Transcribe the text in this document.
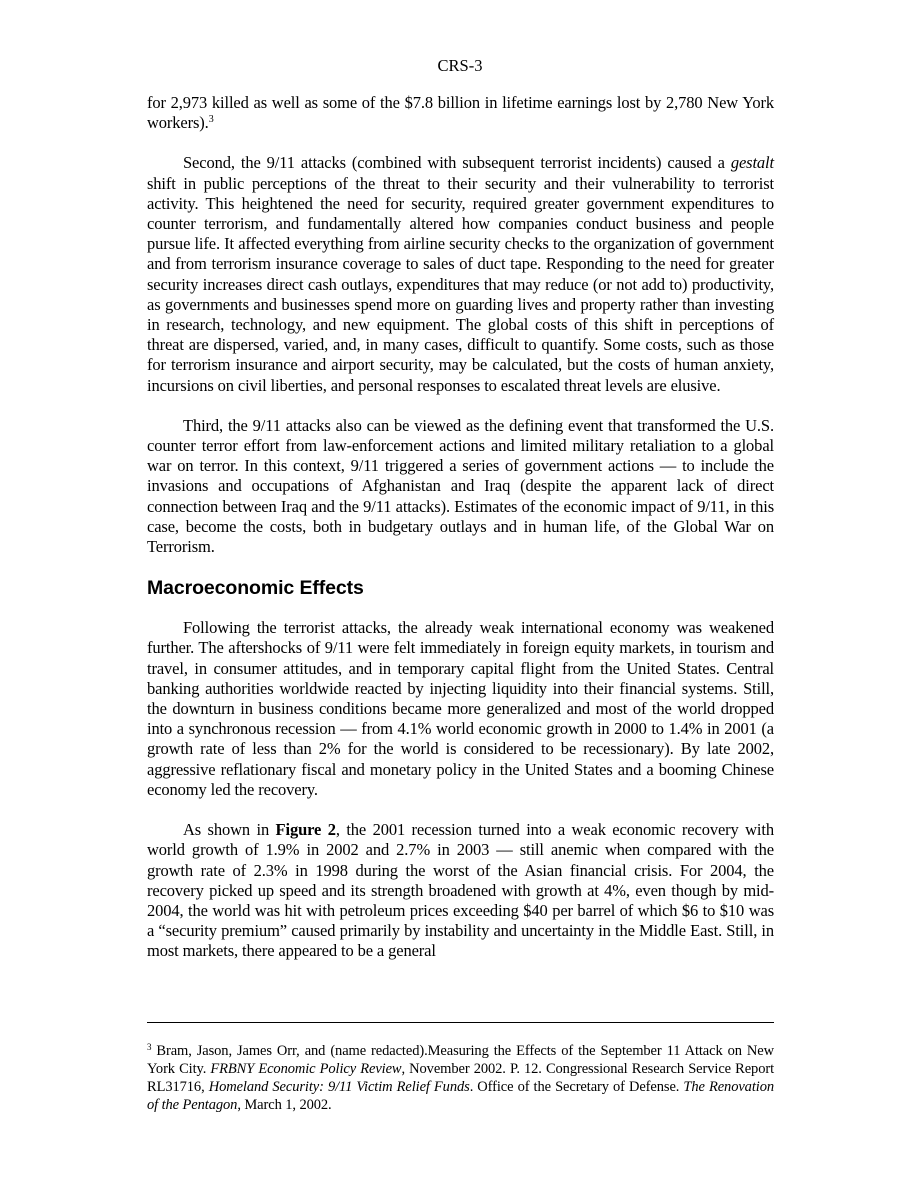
CRS-3

for 2,973 killed as well as some of the $7.8 billion in lifetime earnings lost by 2,780 New York workers).$^3$

Second, the 9/11 attacks (combined with subsequent terrorist incidents) caused a gestalt shift in public perceptions of the threat to their security and their vulnerability to terrorist activity. This heightened the need for security, required greater government expenditures to counter terrorism, and fundamentally altered how companies conduct business and people pursue life. It affected everything from airline security checks to the organization of government and from terrorism insurance coverage to sales of duct tape. Responding to the need for greater security increases direct cash outlays, expenditures that may reduce (or not add to) productivity, as governments and businesses spend more on guarding lives and property rather than investing in research, technology, and new equipment. The global costs of this shift in perceptions of threat are dispersed, varied, and, in many cases, difficult to quantify. Some costs, such as those for terrorism insurance and airport security, may be calculated, but the costs of human anxiety, incursions on civil liberties, and personal responses to escalated threat levels are elusive.

Third, the 9/11 attacks also can be viewed as the defining event that transformed the U.S. counter terror effort from law-enforcement actions and limited military retaliation to a global war on terror. In this context, 9/11 triggered a series of government actions — to include the invasions and occupations of Afghanistan and Iraq (despite the apparent lack of direct connection between Iraq and the 9/11 attacks). Estimates of the economic impact of 9/11, in this case, become the costs, both in budgetary outlays and in human life, of the Global War on Terrorism.

Macroeconomic Effects

Following the terrorist attacks, the already weak international economy was weakened further. The aftershocks of 9/11 were felt immediately in foreign equity markets, in tourism and travel, in consumer attitudes, and in temporary capital flight from the United States. Central banking authorities worldwide reacted by injecting liquidity into their financial systems. Still, the downturn in business conditions became more generalized and most of the world dropped into a synchronous recession — from 4.1% world economic growth in 2000 to 1.4% in 2001 (a growth rate of less than 2% for the world is considered to be recessionary). By late 2002, aggressive reflationary fiscal and monetary policy in the United States and a booming Chinese economy led the recovery.

As shown in Figure 2, the 2001 recession turned into a weak economic recovery with world growth of 1.9% in 2002 and 2.7% in 2003 — still anemic when compared with the growth rate of 2.3% in 1998 during the worst of the Asian financial crisis. For 2004, the recovery picked up speed and its strength broadened with growth at 4%, even though by mid-2004, the world was hit with petroleum prices exceeding $40 per barrel of which $6 to $10 was a “security premium” caused primarily by instability and uncertainty in the Middle East. Still, in most markets, there appeared to be a general

$^3$ Bram, Jason, James Orr, and (name redacted).Measuring the Effects of the September 11 Attack on New York City. FRBNY Economic Policy Review, November 2002. P. 12. Congressional Research Service Report RL31716, Homeland Security: 9/11 Victim Relief Funds. Office of the Secretary of Defense. The Renovation of the Pentagon, March 1, 2002.
